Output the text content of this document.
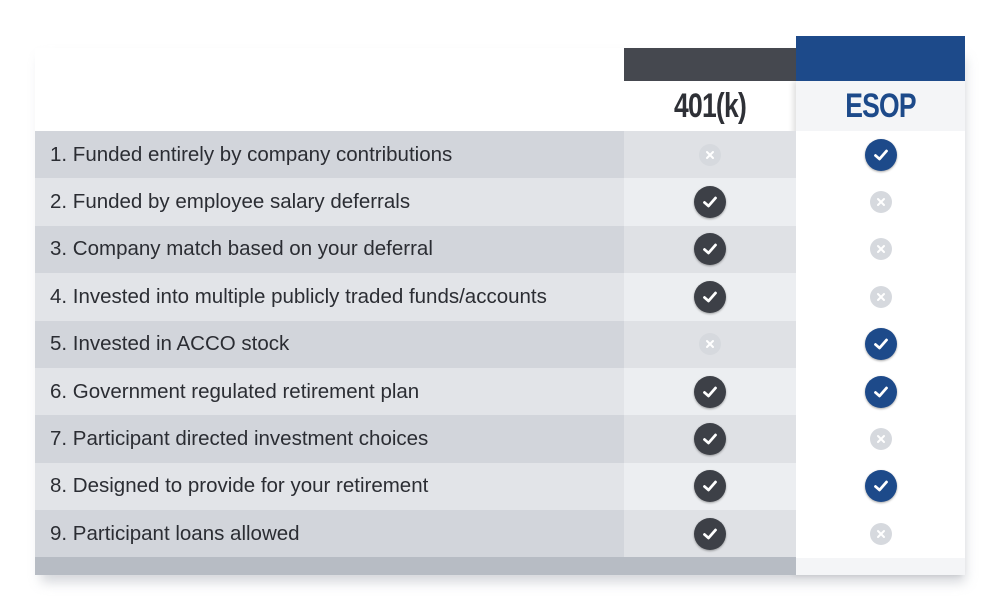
401(k)	ESOP
1. Funded entirely by company contributions
2. Funded by employee salary deferrals
3. Company match based on your deferral
4. Invested into multiple publicly traded funds/accounts
5. Invested in ACCO stock
6. Government regulated retirement plan
7. Participant directed investment choices
8. Designed to provide for your retirement
9. Participant loans allowed
